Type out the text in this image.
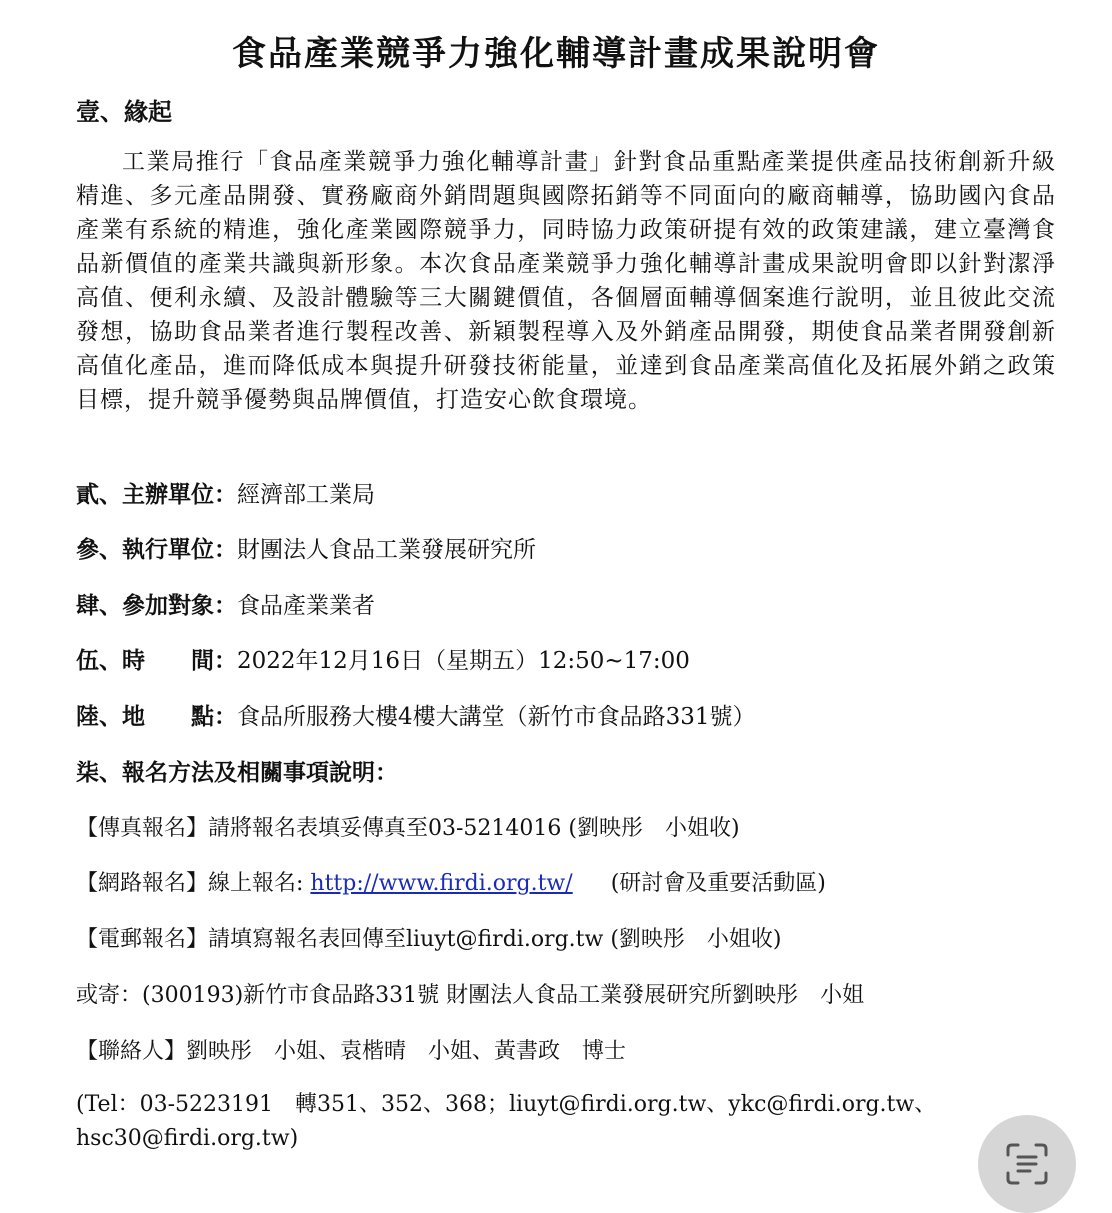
食品產業競爭力強化輔導計畫成果說明會
壹、緣起
工業局推行「食品產業競爭力強化輔導計畫」針對食品重點產業提供產品技術創新升級精進、多元產品開發、實務廠商外銷問題與國際拓銷等不同面向的廠商輔導，協助國內食品產業有系統的精進，強化產業國際競爭力，同時協力政策研提有效的政策建議，建立臺灣食品新價值的產業共識與新形象。本次食品產業競爭力強化輔導計畫成果說明會即以針對潔淨高值、便利永續、及設計體驗等三大關鍵價值，各個層面輔導個案進行說明，並且彼此交流發想，協助食品業者進行製程改善、新穎製程導入及外銷產品開發，期使食品業者開發創新高值化產品，進而降低成本與提升研發技術能量，並達到食品產業高值化及拓展外銷之政策目標，提升競爭優勢與品牌價值，打造安心飲食環境。
貳、主辦單位：經濟部工業局
參、執行單位：財團法人食品工業發展研究所
肆、參加對象：食品產業業者
伍、時　　間：2022年12月16日（星期五）12:50~17:00
陸、地　　點：食品所服務大樓4樓大講堂（新竹市食品路331號）
柒、報名方法及相關事項說明：
【傳真報名】請將報名表填妥傳真至03-5214016 (劉映彤　小姐收)
【網路報名】線上報名: http://www.firdi.org.tw/ (研討會及重要活動區)
【電郵報名】請填寫報名表回傳至liuyt@firdi.org.tw (劉映彤　小姐收)
或寄：(300193)新竹市食品路331號 財團法人食品工業發展研究所劉映彤　小姐
【聯絡人】劉映彤　小姐、袁楷晴　小姐、黃書政　博士
(Tel：03-5223191　轉351、352、368；liuyt@firdi.org.tw、ykc@firdi.org.tw、
hsc30@firdi.org.tw)
